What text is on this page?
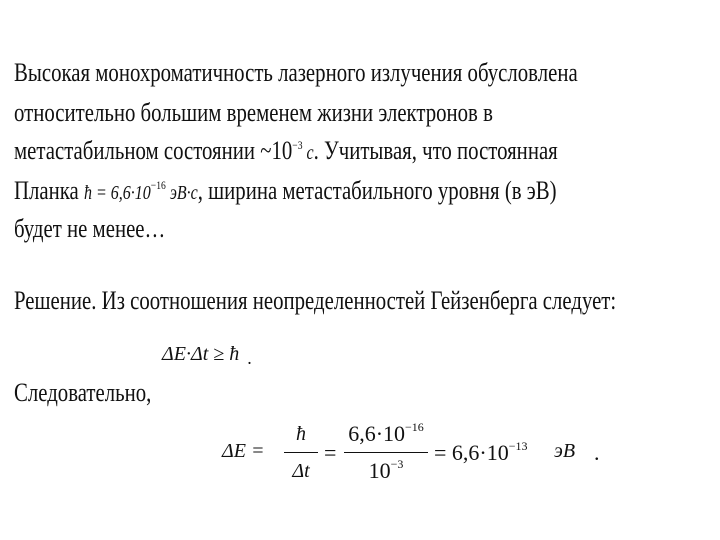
Высокая монохроматичность лазерного излучения обусловлена
относительно большим временем жизни электронов в
метастабильном состоянии $\sim 10^{-3}$ с. Учитывая, что постоянная
Планка ħ = $6,6\cdot 10^{-16}$ эВ·с, ширина метастабильного уровня (в эВ)
будет не менее…
Решение. Из соотношения неопределенностей Гейзенберга следует:
ΔE·Δt ≥ ħ .
Следовательно,
ΔE =
ħ
Δt
=
$6,6\cdot 10^{-16}$
$10^{-3}$	= $6,6\cdot 10^{-13}$ эВ .
